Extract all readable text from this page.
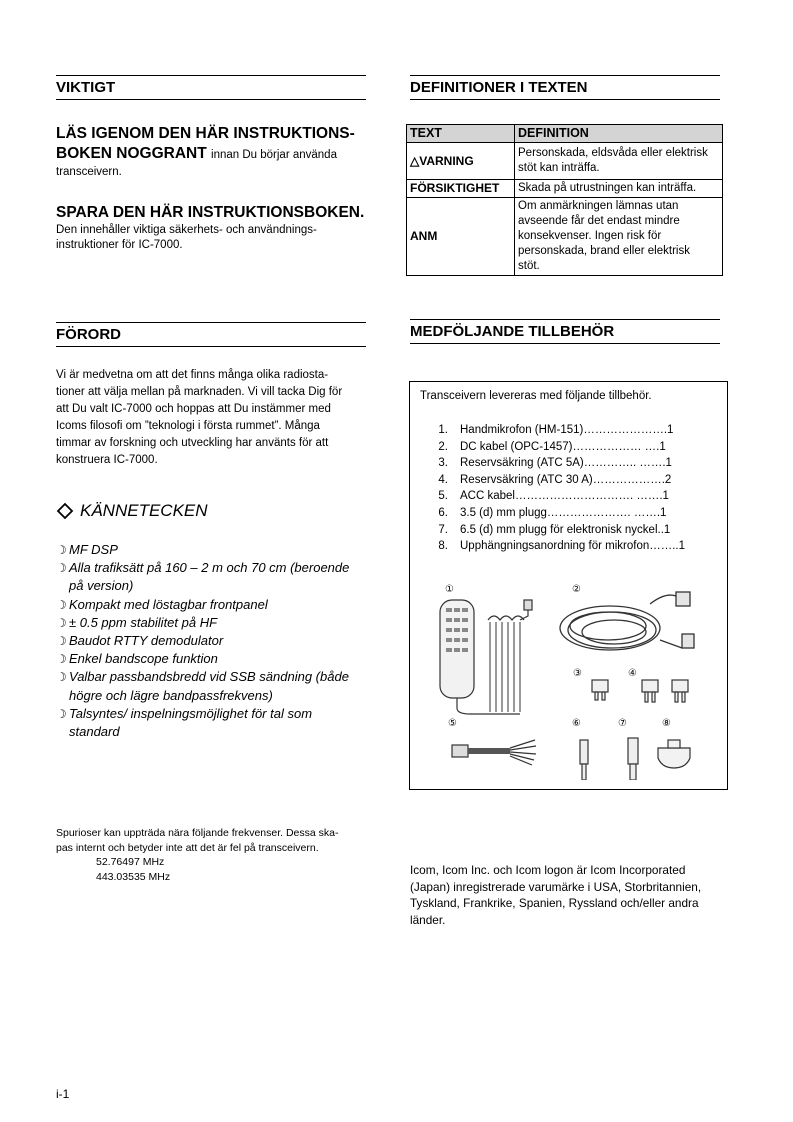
VIKTIGT
LÄS IGENOM DEN HÄR INSTRUKTIONS-
BOKEN NOGGRANT innan Du börjar använda
transceivern.
SPARA DEN HÄR INSTRUKTIONSBOKEN.
Den innehåller viktiga säkerhets- och användnings-
instruktioner för IC-7000.
FÖRORD
Vi är medvetna om att det finns många olika radiosta-
tioner att välja mellan på marknaden. Vi vill tacka Dig för
att Du valt IC-7000 och hoppas att Du instämmer med
Icoms filosofi om ”teknologi i första rummet”. Många
timmar av forskning och utveckling har använts för att
konstruera IC-7000.
KÄNNETECKEN
☽ MF DSP
☽ Alla trafiksätt på 160 – 2 m och 70 cm (beroende
på version)
☽ Kompakt med löstagbar frontpanel
☽ ± 0.5 ppm stabilitet på HF
☽ Baudot RTTY demodulator
☽ Enkel bandscope funktion
☽ Valbar passbandsbredd vid SSB sändning (både
högre och lägre bandpassfrekvens)
☽ Talsyntes/ inspelningsmöjlighet för tal som
standard
Spurioser kan uppträda nära följande frekvenser. Dessa ska-
pas internt och betyder inte att det är fel på transceivern.
52.76497 MHz
443.03535 MHz
i-1
DEFINITIONER I TEXTEN
TEXT	DEFINITION
△VARNING	Personskada, eldsvåda eller elektrisk
stöt kan inträffa.

FÖRSIKTIGHET	Skada på utrustningen kan inträffa.

ANM	Om anmärkningen lämnas utan
avseende får det endast mindre
konsekvenser. Ingen risk för
personskada, brand eller elektrisk
stöt.
MEDFÖLJANDE TILLBEHÖR
Transceivern levereras med följande tillbehör.
1.	Handmikrofon (HM-151)………………….1
2.	DC kabel (OPC-1457)……………… ….1
3.	Reservsäkring (ATC 5A)………….. …….1
4.	Reservsäkring (ATC 30 A)……………….2
5.	ACC kabel…………………………. …….1
6.	3.5 (d) mm plugg…………………. …….1
7.	6.5 (d) mm plugg för elektronisk nyckel..1
8.	Upphängningsanordning för mikrofon……..1
①	②
③	④
⑤	⑥	⑦	⑧
Icom, Icom Inc. och Icom logon är Icom Incorporated
(Japan) inregistrerade varumärke i USA, Storbritannien,
Tyskland, Frankrike, Spanien, Ryssland och/eller andra
länder.
